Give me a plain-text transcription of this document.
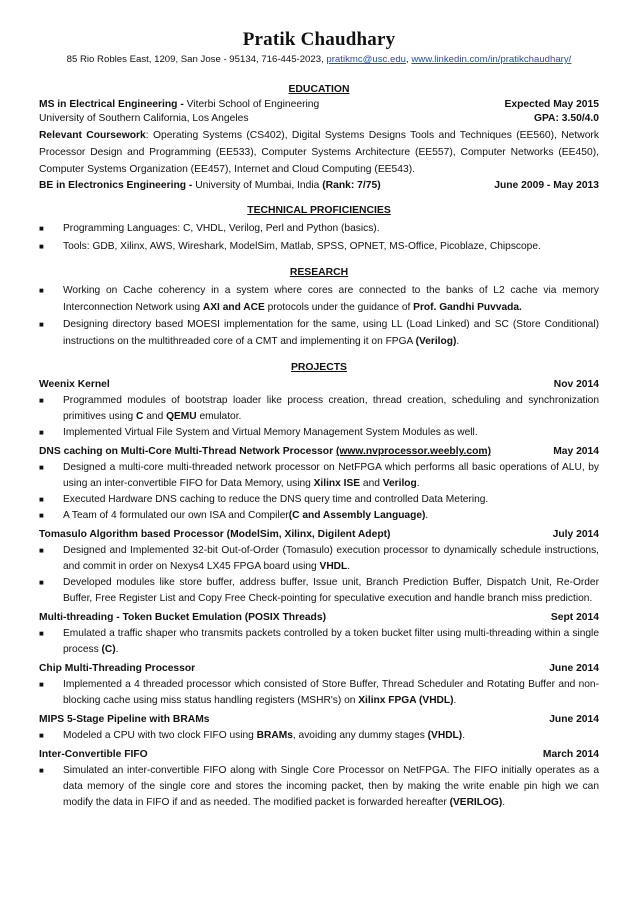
Pratik Chaudhary
85 Rio Robles East, 1209, San Jose - 95134, 716-445-2023, pratikmc@usc.edu, www.linkedin.com/in/pratikchaudhary/
EDUCATION
MS in Electrical Engineering - Viterbi School of Engineering	Expected May 2015
University of Southern California, Los Angeles	GPA: 3.50/4.0
Relevant Coursework: Operating Systems (CS402), Digital Systems Designs Tools and Techniques (EE560), Network Processor Design and Programming (EE533), Computer Systems Architecture (EE557), Computer Networks (EE450), Computer Systems Organization (EE457), Internet and Cloud Computing (EE543).
BE in Electronics Engineering - University of Mumbai, India (Rank: 7/75)	June 2009 - May 2013
TECHNICAL PROFICIENCIES
■ Programming Languages: C, VHDL, Verilog, Perl and Python (basics).
■ Tools: GDB, Xilinx, AWS, Wireshark, ModelSim, Matlab, SPSS, OPNET, MS-Office, Picoblaze, Chipscope.
RESEARCH
■ Working on Cache coherency in a system where cores are connected to the banks of L2 cache via memory Interconnection Network using AXI and ACE protocols under the guidance of Prof. Gandhi Puvvada.
■ Designing directory based MOESI implementation for the same, using LL (Load Linked) and SC (Store Conditional) instructions on the multithreaded core of a CMT and implementing it on FPGA (Verilog).
PROJECTS
Weenix Kernel	Nov 2014
■ Programmed modules of bootstrap loader like process creation, thread creation, scheduling and synchronization primitives using C and QEMU emulator.
■ Implemented Virtual File System and Virtual Memory Management System Modules as well.
DNS caching on Multi-Core Multi-Thread Network Processor (www.nvprocessor.weebly.com)	May 2014
■ Designed a multi-core multi-threaded network processor on NetFPGA which performs all basic operations of ALU, by using an inter-convertible FIFO for Data Memory, using Xilinx ISE and Verilog.
■ Executed Hardware DNS caching to reduce the DNS query time and controlled Data Metering.
■ A Team of 4 formulated our own ISA and Compiler(C and Assembly Language).
Tomasulo Algorithm based Processor (ModelSim, Xilinx, Digilent Adept)	July 2014
■ Designed and Implemented 32-bit Out-of-Order (Tomasulo) execution processor to dynamically schedule instructions, and commit in order on Nexys4 LX45 FPGA board using VHDL.
■ Developed modules like store buffer, address buffer, Issue unit, Branch Prediction Buffer, Dispatch Unit, Re-Order Buffer, Free Register List and Copy Free Check-pointing for speculative execution and handle branch miss prediction.
Multi-threading - Token Bucket Emulation (POSIX Threads)	Sept 2014
■ Emulated a traffic shaper who transmits packets controlled by a token bucket filter using multi-threading within a single process (C).
Chip Multi-Threading Processor	June 2014
■ Implemented a 4 threaded processor which consisted of Store Buffer, Thread Scheduler and Rotating Buffer and non-blocking cache using miss status handling registers (MSHR's) on Xilinx FPGA (VHDL).
MIPS 5-Stage Pipeline with BRAMs	June 2014
■ Modeled a CPU with two clock FIFO using BRAMs, avoiding any dummy stages (VHDL).
Inter-Convertible FIFO	March 2014
■ Simulated an inter-convertible FIFO along with Single Core Processor on NetFPGA. The FIFO initially operates as a data memory of the single core and stores the incoming packet, then by making the write enable pin high we can modify the data in FIFO if and as needed. The modified packet is forwarded hereafter (VERILOG).
